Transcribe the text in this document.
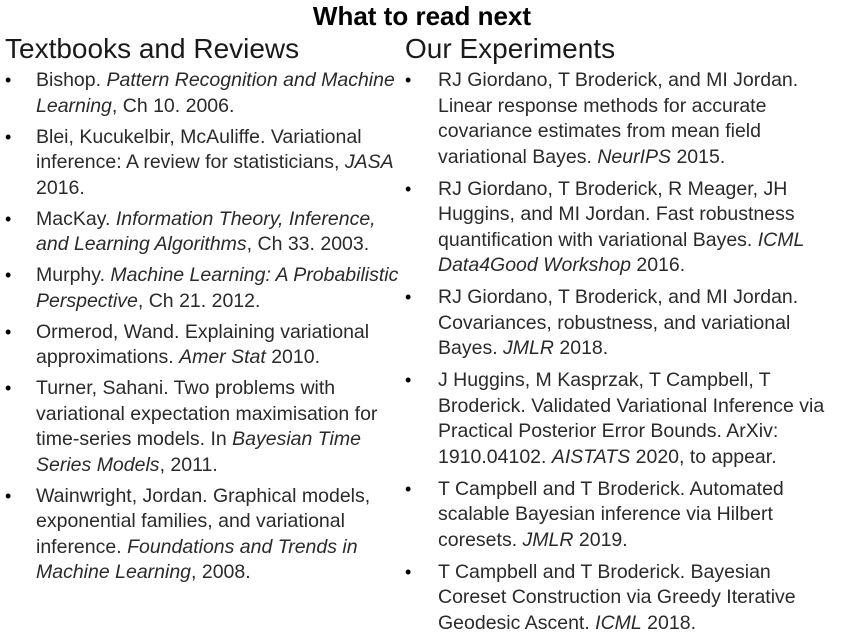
What to read next
Textbooks and Reviews
• Bishop. Pattern Recognition and Machine Learning, Ch 10. 2006.
• Blei, Kucukelbir, McAuliffe. Variational inference: A review for statisticians, JASA 2016.
• MacKay. Information Theory, Inference, and Learning Algorithms, Ch 33. 2003.
• Murphy. Machine Learning: A Probabilistic Perspective, Ch 21. 2012.
• Ormerod, Wand. Explaining variational approximations. Amer Stat 2010.
• Turner, Sahani. Two problems with variational expectation maximisation for time-series models. In Bayesian Time Series Models, 2011.
• Wainwright, Jordan. Graphical models, exponential families, and variational inference. Foundations and Trends in Machine Learning, 2008.
Our Experiments
• RJ Giordano, T Broderick, and MI Jordan. Linear response methods for accurate covariance estimates from mean field variational Bayes. NeurIPS 2015.
• RJ Giordano, T Broderick, R Meager, JH Huggins, and MI Jordan. Fast robustness quantification with variational Bayes. ICML Data4Good Workshop 2016.
• RJ Giordano, T Broderick, and MI Jordan. Covariances, robustness, and variational Bayes. JMLR 2018.
• J Huggins, M Kasprzak, T Campbell, T Broderick. Validated Variational Inference via Practical Posterior Error Bounds. ArXiv: 1910.04102. AISTATS 2020, to appear.
• T Campbell and T Broderick. Automated scalable Bayesian inference via Hilbert coresets. JMLR 2019.
• T Campbell and T Broderick. Bayesian Coreset Construction via Greedy Iterative Geodesic Ascent. ICML 2018.
